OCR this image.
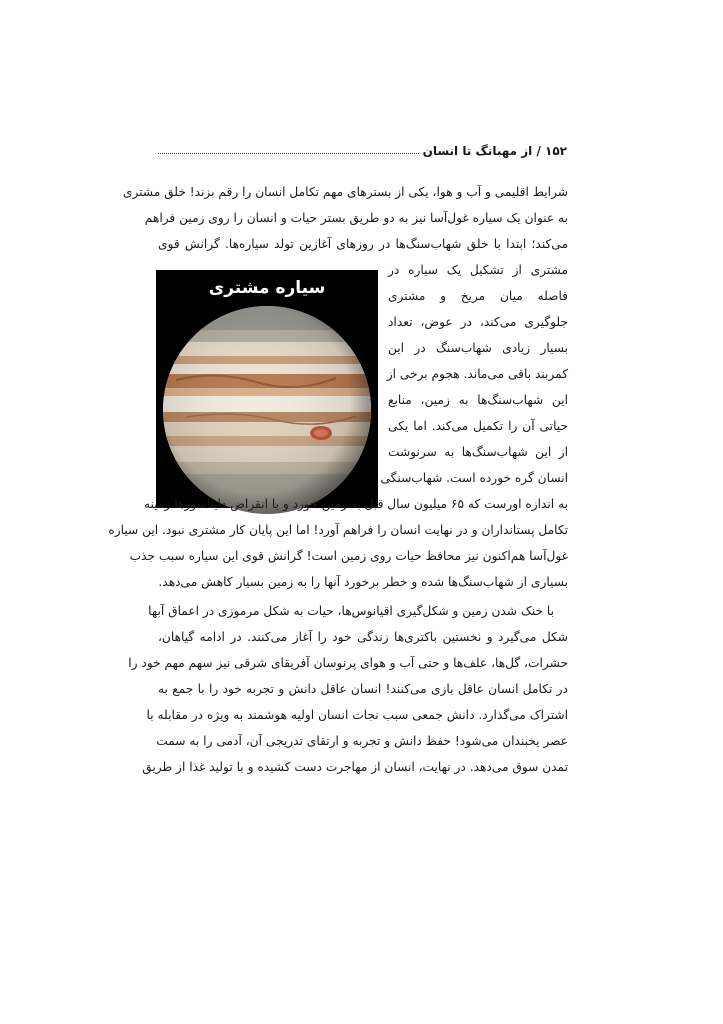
۱۵۲ / از مهبانگ تا انسان
سیاره مشتری
شرایط اقلیمی و آب و هوا، یکی از بسترهای مهم تکامل انسان را رقم بزند! خلق مشتری
به عنوان یک سیاره غول‌آسا نیز به دو طریق بستر حیات و انسان را روی زمین فراهم
می‌کند؛ ابتدا با خلق شهاب‌سنگ‌ها در روزهای آغازین تولد سیاره‌ها. گرانش قوی
مشتری از تشکیل یک سیاره در
فاصله میان مریخ و مشتری
جلوگیری می‌کند، در عوض، تعداد
بسیار زیادی شهاب‌سنگ در این
کمربند باقی می‌ماند. هجوم برخی از
این شهاب‌سنگ‌ها به زمین، منابع
حیاتی آن را تکمیل می‌کند. اما یکی
از این شهاب‌سنگ‌ها به سرنوشت
انسان گره خورده است. شهاب‌سنگی
به اندازه اورست که ۶۵ میلیون سال قبل به زمین خورد و با انقراض دایناسورها زمینه
تکامل پستانداران و در نهایت انسان را فراهم آورد! اما این پایان کار مشتری نبود. این سیاره
غول‌آسا هم‌اکنون نیز محافظ حیات روی زمین است! گرانش قوی این سیاره سبب جذب
بسیاری از شهاب‌سنگ‌ها شده و خطر برخورد آنها را به زمین بسیار کاهش می‌دهد.
با خنک شدن زمین و شکل‌گیری اقیانوس‌ها، حیات به شکل مرموزی در اعماق آبها
شکل می‌گیرد و نخستین باکتری‌ها زندگی خود را آغاز می‌کنند. در ادامه گیاهان،
حشرات، گل‌ها، علف‌ها و حتی آب و هوای پرنوسان آفریقای شرقی نیز سهم مهم خود را
در تکامل انسان عاقل بازی می‌کنند! انسان عاقل دانش و تجربه خود را با جمع به
اشتراک می‌گذارد. دانش جمعی سبب نجات انسان اولیه هوشمند به ویژه در مقابله با
عصر یخبندان می‌شود! حفظ دانش و تجربه و ارتقای تدریجی آن، آدمی را به سمت
تمدن سوق می‌دهد. در نهایت، انسان از مهاجرت دست کشیده و با تولید غذا از طریق
